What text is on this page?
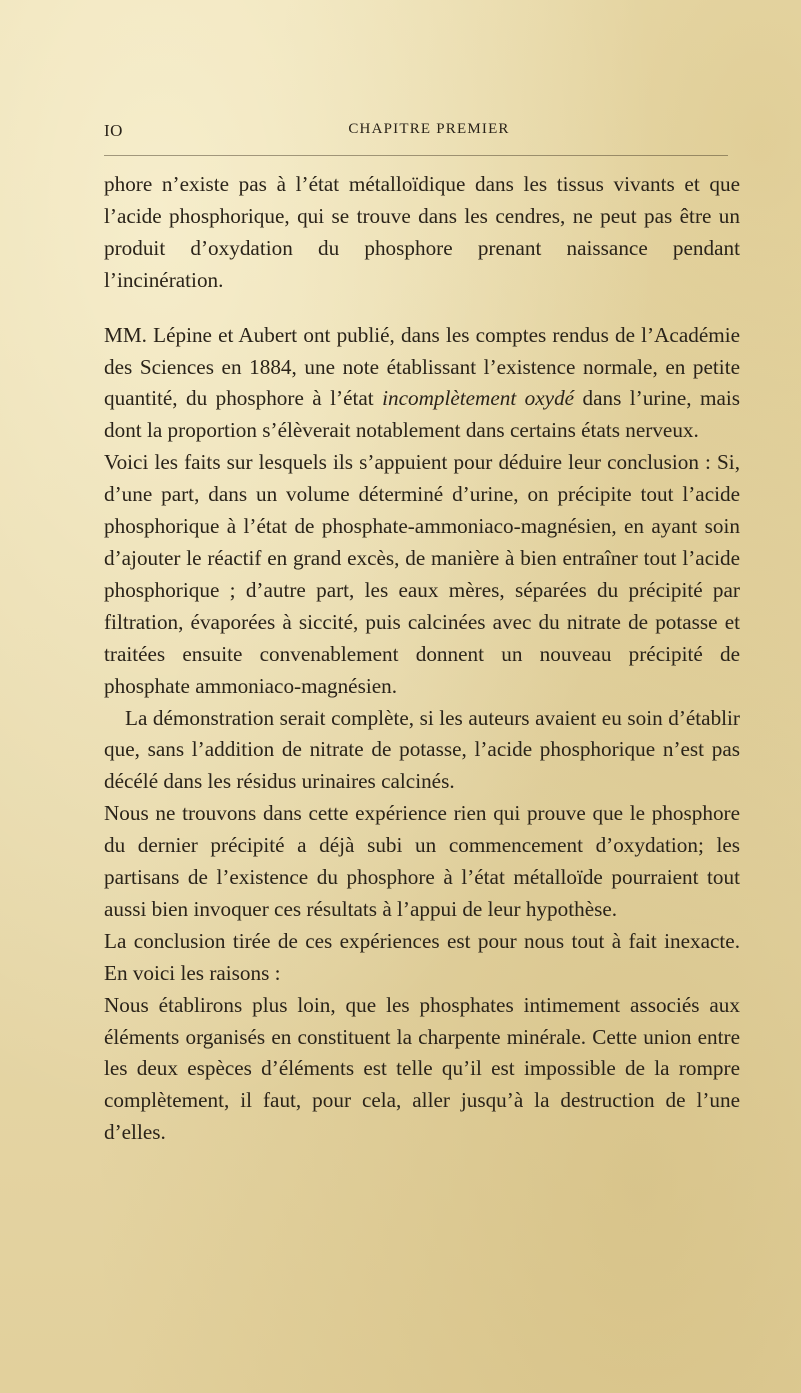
IO	CHAPITRE PREMIER

phore n’existe pas à l’état métalloïdique dans les tissus vivants et que l’acide phosphorique, qui se trouve dans les cendres, ne peut pas être un produit d’oxydation du phosphore prenant naissance pendant l’incinération.

MM. Lépine et Aubert ont publié, dans les comptes rendus de l’Académie des Sciences en 1884, une note établissant l’existence normale, en petite quantité, du phosphore à l’état incomplètement oxydé dans l’urine, mais dont la proportion s’élèverait notablement dans certains états nerveux.

Voici les faits sur lesquels ils s’appuient pour déduire leur conclusion : Si, d’une part, dans un volume déterminé d’urine, on précipite tout l’acide phosphorique à l’état de phosphate-ammoniaco-magnésien, en ayant soin d’ajouter le réactif en grand excès, de manière à bien entraîner tout l’acide phosphorique ; d’autre part, les eaux mères, séparées du précipité par filtration, évaporées à siccité, puis calcinées avec du nitrate de potasse et traitées ensuite convenablement donnent un nouveau précipité de phosphate ammoniaco-magnésien.

La démonstration serait complète, si les auteurs avaient eu soin d’établir que, sans l’addition de nitrate de potasse, l’acide phosphorique n’est pas décélé dans les résidus urinaires calcinés.

Nous ne trouvons dans cette expérience rien qui prouve que le phosphore du dernier précipité a déjà subi un commencement d’oxydation; les partisans de l’existence du phosphore à l’état métalloïde pourraient tout aussi bien invoquer ces résultats à l’appui de leur hypothèse.

La conclusion tirée de ces expériences est pour nous tout à fait inexacte. En voici les raisons :

Nous établirons plus loin, que les phosphates intimement associés aux éléments organisés en constituent la charpente minérale. Cette union entre les deux espèces d’éléments est telle qu’il est impossible de la rompre complètement, il faut, pour cela, aller jusqu’à la destruction de l’une d’elles.
